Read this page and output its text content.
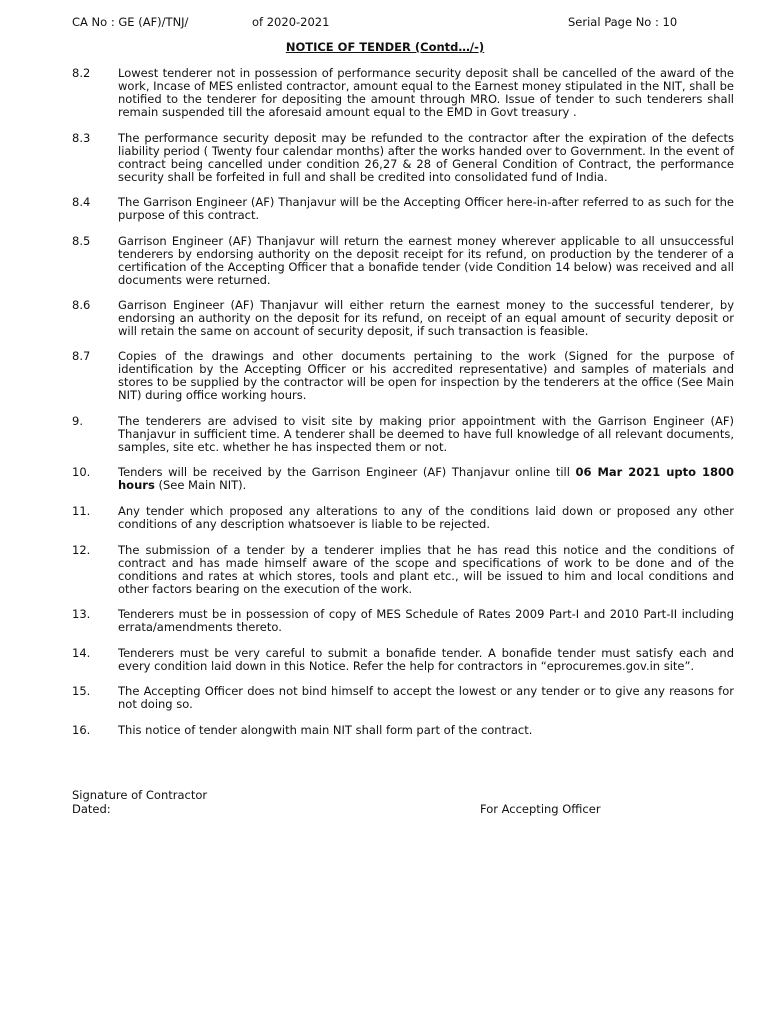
CA No : GE (AF)/TNJ/	of 2020-2021	Serial Page No : 10
NOTICE OF TENDER (Contd…/-)
8.2 Lowest tenderer not in possession of performance security deposit shall be cancelled of the award of the work, Incase of MES enlisted contractor, amount equal to the Earnest money stipulated in the NIT, shall be notified to the tenderer for depositing the amount through MRO. Issue of tender to such tenderers shall remain suspended till the aforesaid amount equal to the EMD in Govt treasury .
8.3 The performance security deposit may be refunded to the contractor after the expiration of the defects liability period ( Twenty four calendar months) after the works handed over to Government. In the event of contract being cancelled under condition 26,27 & 28 of General Condition of Contract, the performance security shall be forfeited in full and shall be credited into consolidated fund of India.
8.4 The Garrison Engineer (AF) Thanjavur will be the Accepting Officer here-in-after referred to as such for the purpose of this contract.
8.5 Garrison Engineer (AF) Thanjavur will return the earnest money wherever applicable to all unsuccessful tenderers by endorsing authority on the deposit receipt for its refund, on production by the tenderer of a certification of the Accepting Officer that a bonafide tender (vide Condition 14 below) was received and all documents were returned.
8.6 Garrison Engineer (AF) Thanjavur will either return the earnest money to the successful tenderer, by endorsing an authority on the deposit for its refund, on receipt of an equal amount of security deposit or will retain the same on account of security deposit, if such transaction is feasible.
8.7 Copies of the drawings and other documents pertaining to the work (Signed for the purpose of identification by the Accepting Officer or his accredited representative) and samples of materials and stores to be supplied by the contractor will be open for inspection by the tenderers at the office (See Main NIT) during office working hours.
9.	The tenderers are advised to visit site by making prior appointment with the Garrison Engineer (AF) Thanjavur in sufficient time. A tenderer shall be deemed to have full knowledge of all relevant documents, samples, site etc. whether he has inspected them or not.
10. Tenders will be received by the Garrison Engineer (AF) Thanjavur online till 06 Mar 2021 upto 1800 hours (See Main NIT).
11. Any tender which proposed any alterations to any of the conditions laid down or proposed any other conditions of any description whatsoever is liable to be rejected.
12. The submission of a tender by a tenderer implies that he has read this notice and the conditions of contract and has made himself aware of the scope and specifications of work to be done and of the conditions and rates at which stores, tools and plant etc., will be issued to him and local conditions and other factors bearing on the execution of the work.
13. Tenderers must be in possession of copy of MES Schedule of Rates 2009 Part-I and 2010 Part-II including errata/amendments thereto.
14. Tenderers must be very careful to submit a bonafide tender. A bonafide tender must satisfy each and every condition laid down in this Notice. Refer the help for contractors in “eprocuremes.gov.in site”.
15. The Accepting Officer does not bind himself to accept the lowest or any tender or to give any reasons for not doing so.
16. This notice of tender alongwith main NIT shall form part of the contract.
Signature of Contractor
Dated:	For Accepting Officer
